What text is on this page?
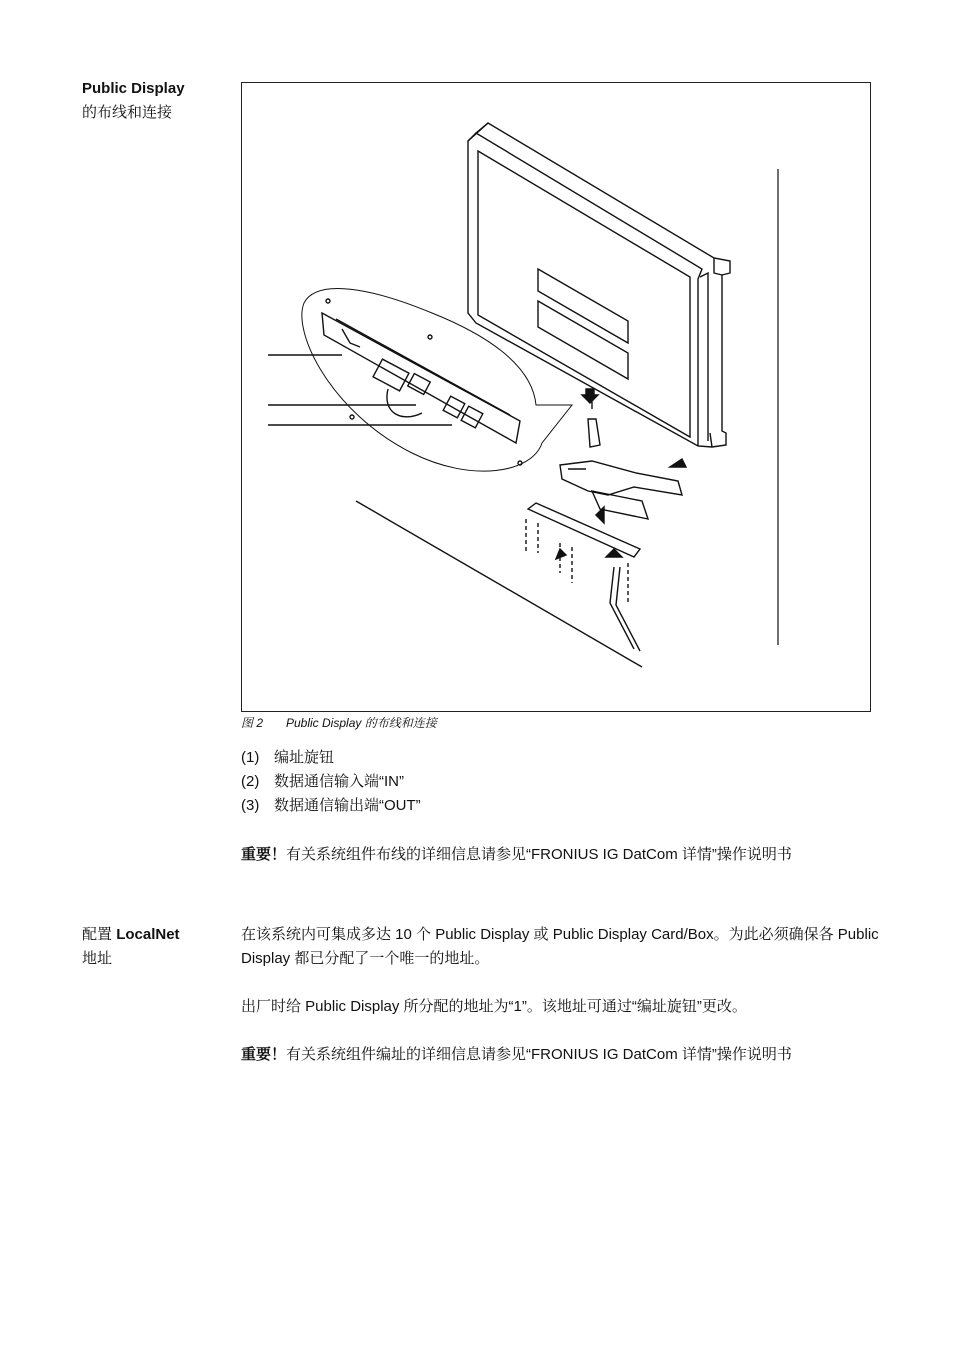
Public Display
的布线和连接
图 2 Public Display 的布线和连接
(1) 编址旋钮
(2) 数据通信输入端“IN”
(3) 数据通信输出端“OUT”
重要！有关系统组件布线的详细信息请参见“FRONIUS IG DatCom 详情”操作说明书
配置 LocalNet
地址
在该系统内可集成多达 10 个 Public Display 或 Public Display Card/Box。为此必须确保各 Public Display 都已分配了一个唯一的地址。
出厂时给 Public Display 所分配的地址为“1”。该地址可通过“编址旋钮”更改。
重要！有关系统组件编址的详细信息请参见“FRONIUS IG DatCom 详情”操作说明书
